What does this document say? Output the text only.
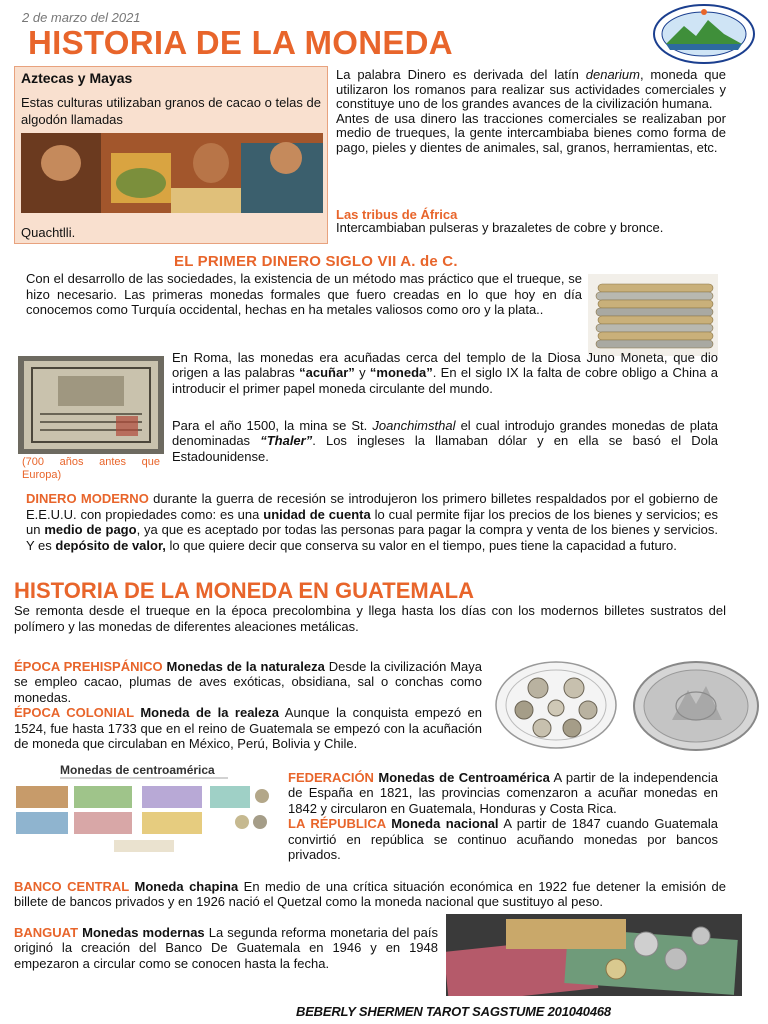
2 de marzo del 2021
HISTORIA DE LA MONEDA
Aztecas y Mayas
Estas culturas utilizaban granos de cacao o telas de algodón llamadas
Quachtlli.
La palabra Dinero es derivada del latín denarium, moneda que utilizaron los romanos para realizar sus actividades comerciales y constituye uno de los grandes avances de la civilización humana.
Antes de usa dinero las tracciones comerciales se realizaban por medio de trueques, la gente intercambiaba bienes como forma de pago, pieles y dientes de animales, sal, granos, herramientas, etc.
Las tribus de África
Intercambiaban pulseras y brazaletes de cobre y bronce.
EL PRIMER DINERO SIGLO VII A. de C.
Con el desarrollo de las sociedades, la existencia de un método mas práctico que el trueque, se hizo necesario. Las primeras monedas formales que fuero creadas en lo que hoy en día conocemos como Turquía occidental, hechas en ha metales valiosos como oro y la plata..
(700 años antes que Europa)
En Roma, las monedas era acuñadas cerca del templo de la Diosa Juno Moneta, que dio origen a las palabras “acuñar” y “moneda”. En el siglo IX la falta de cobre obligo a China a introducir el primer papel moneda circulante del mundo.
Para el año 1500, la mina se St. Joanchimsthal el cual introdujo grandes monedas de plata denominadas “Thaler”. Los ingleses la llamaban dólar y en ella se basó el Dola Estadounidense.
DINERO MODERNO durante la guerra de recesión se introdujeron los primero billetes respaldados por el gobierno de E.E.U.U. con propiedades como: es una unidad de cuenta lo cual permite fijar los precios de los bienes y servicios; es un medio de pago, ya que es aceptado por todas las personas para pagar la compra y venta de los bienes y servicios. Y es depósito de valor, lo que quiere decir que conserva su valor en el tiempo, pues tiene la capacidad a futuro.
HISTORIA DE LA MONEDA EN GUATEMALA
Se remonta desde el trueque en la época precolombina y llega hasta los días con los modernos billetes sustratos del polímero y las monedas de diferentes aleaciones metálicas.
ÉPOCA PREHISPÁNICO Monedas de la naturaleza Desde la civilización Maya se empleo cacao, plumas de aves exóticas, obsidiana, sal o conchas como monedas.
ÉPOCA COLONIAL Moneda de la realeza Aunque la conquista empezó en 1524, fue hasta 1733 que en el reino de Guatemala se empezó con la acuñación de moneda que circulaban en México, Perú, Bolivia y Chile.
Monedas de centroamérica	FEDERACIÓN Monedas de Centroamérica A partir de la independencia de España en 1821, las provincias comenzaron a acuñar monedas en 1842 y circularon en Guatemala, Honduras y Costa Rica.
LA RÉPUBLICA Moneda nacional A partir de 1847 cuando Guatemala convirtió en república se continuo acuñando monedas por bancos privados.
BANCO CENTRAL Moneda chapina En medio de una crítica situación económica en 1922 fue detener la emisión de billete de bancos privados y en 1926 nació el Quetzal como la moneda nacional que sustituyo al peso.
BANGUAT Monedas modernas La segunda reforma monetaria del país originó la creación del Banco De Guatemala en 1946 y en 1948 empezaron a circular como se conocen hasta la fecha.
BEBERLY SHERMEN TAROT SAGSTUME 201040468
